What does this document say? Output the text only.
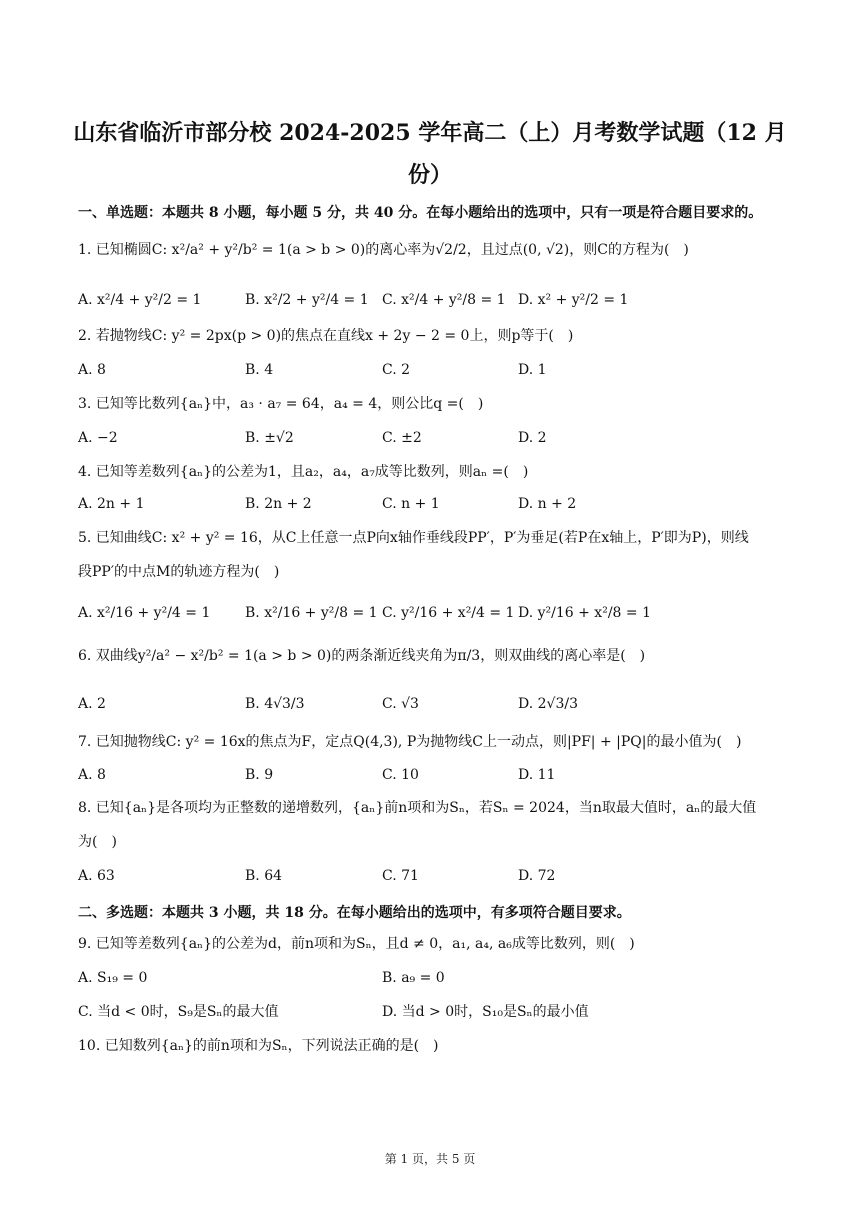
山东省临沂市部分校 2024-2025 学年高二（上）月考数学试题（12 月
份）
一、单选题：本题共 8 小题，每小题 5 分，共 40 分。在每小题给出的选项中，只有一项是符合题目要求的。
1. 已知椭圆C: x²/a² + y²/b² = 1(a > b > 0)的离心率为√2/2，且过点(0, √2)，则C的方程为(　)
A. x²/4 + y²/2 = 1	B. x²/2 + y²/4 = 1 C. x²/4 + y²/8 = 1 D. x² + y²/2 = 1
2. 若抛物线C: y² = 2px(p > 0)的焦点在直线x + 2y − 2 = 0上，则p等于(　)
A. 8	B. 4	C. 2	D. 1
3. 已知等比数列{aₙ}中，a₃ · a₇ = 64，a₄ = 4，则公比q =(　)
A. −2	B. ±√2	C. ±2	D. 2
4. 已知等差数列{aₙ}的公差为1，且a₂，a₄，a₇成等比数列，则aₙ =(　)
A. 2n + 1	B. 2n + 2	C. n + 1	D. n + 2
5. 已知曲线C: x² + y² = 16，从C上任意一点P向x轴作垂线段PP′，P′为垂足(若P在x轴上，P′即为P)，则线
段PP′的中点M的轨迹方程为(　)
A. x²/16 + y²/4 = 1 B. x²/16 + y²/8 = 1 C. y²/16 + x²/4 = 1 D. y²/16 + x²/8 = 1
6. 双曲线y²/a² − x²/b² = 1(a > b > 0)的两条渐近线夹角为π/3，则双曲线的离心率是(　)
A. 2	B. 4√3/3	C. √3	D. 2√3/3
7. 已知抛物线C: y² = 16x的焦点为F，定点Q(4,3), P为抛物线C上一动点，则|PF| + |PQ|的最小值为(　)
A. 8	B. 9	C. 10	D. 11
8. 已知{aₙ}是各项均为正整数的递增数列，{aₙ}前n项和为Sₙ，若Sₙ = 2024，当n取最大值时，aₙ的最大值
为(　)
A. 63	B. 64	C. 71	D. 72
二、多选题：本题共 3 小题，共 18 分。在每小题给出的选项中，有多项符合题目要求。
9. 已知等差数列{aₙ}的公差为d，前n项和为Sₙ，且d ≠ 0，a₁, a₄, a₆成等比数列，则(　)
A. S₁₉ = 0	B. a₉ = 0
C. 当d < 0时，S₉是Sₙ的最大值	D. 当d > 0时，S₁₀是Sₙ的最小值
10. 已知数列{aₙ}的前n项和为Sₙ，下列说法正确的是(　)
第 1 页，共 5 页
